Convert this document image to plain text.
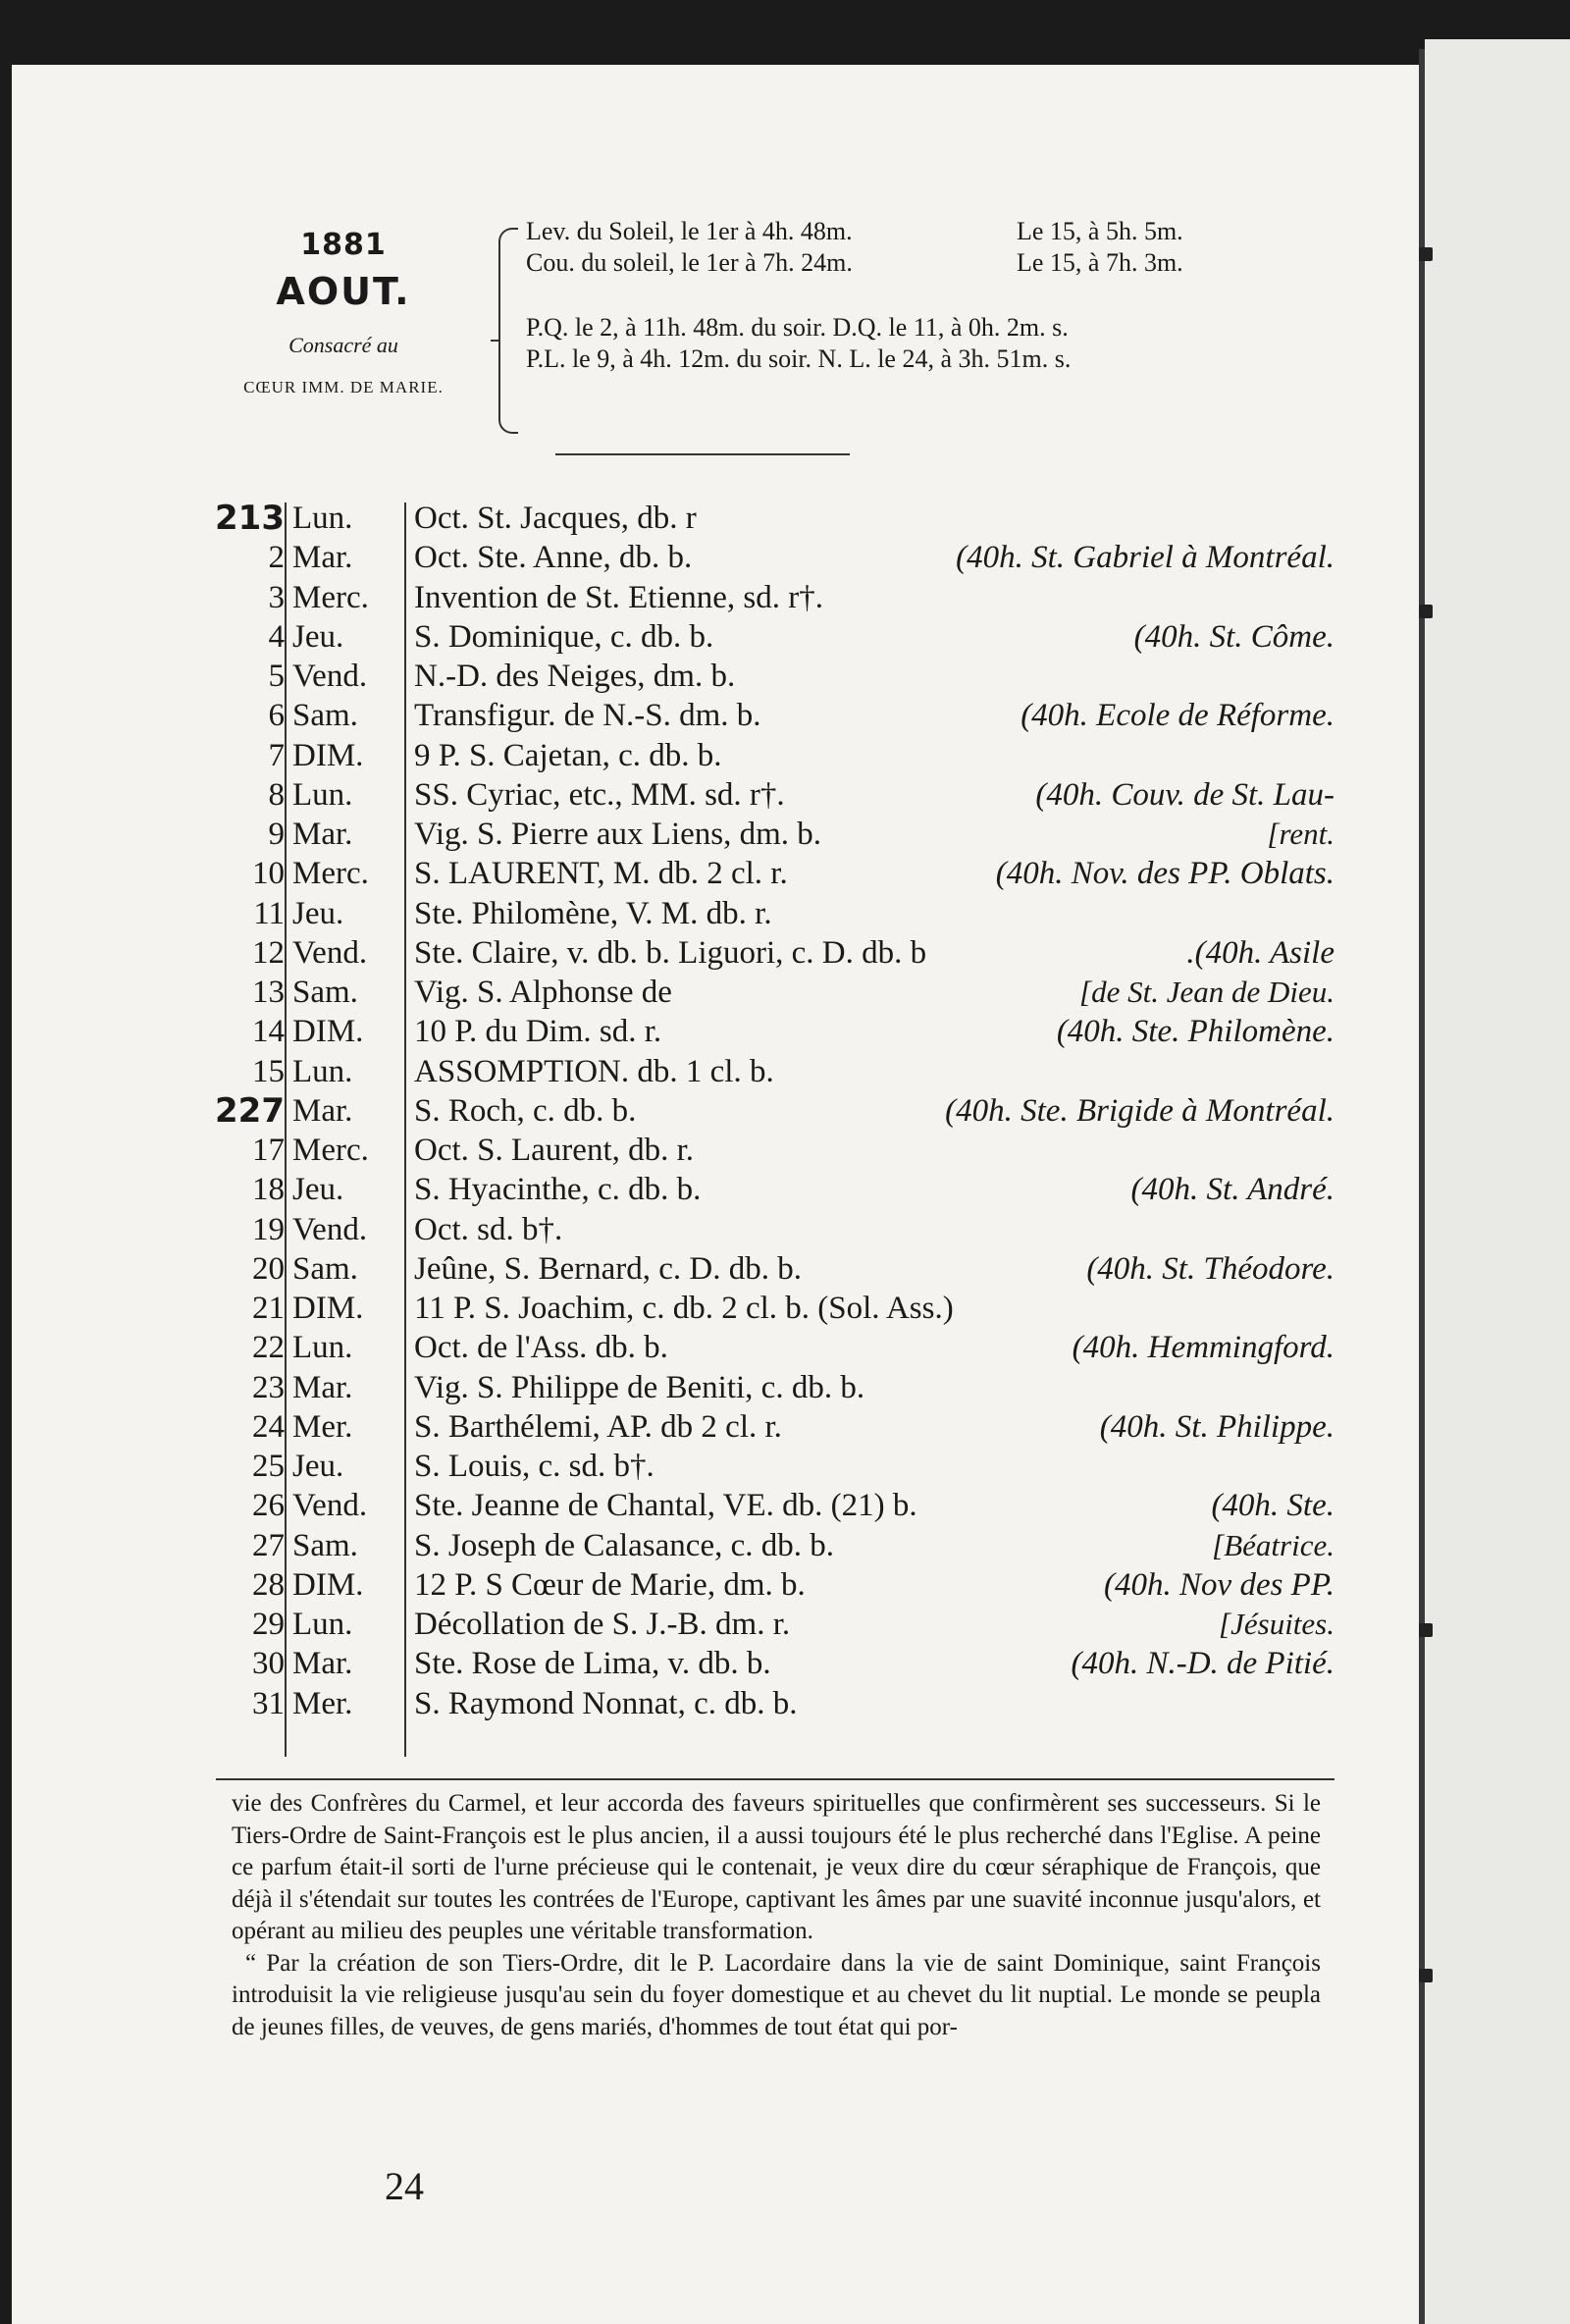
1881
AOUT.
Consacré au
CŒUR IMM. DE MARIE.
Lev. du Soleil, le 1er à 4h. 48m.	Le 15, à 5h. 5m.
Cou. du soleil, le 1er à 7h. 24m.	Le 15, à 7h. 3m.
P.Q. le 2, à 11h. 48m. du soir. D.Q. le 11, à 0h. 2m. s.
P.L. le 9, à 4h. 12m. du soir. N. L. le 24, à 3h. 51m. s.
213 Lun.	Oct. St. Jacques, db. r
2 Mar.	Oct. Ste. Anne, db. b.	(40h. St. Gabriel à Montréal.
3 Merc.	Invention de St. Etienne, sd. r†.
4 Jeu.	S. Dominique, c. db. b.	(40h. St. Côme.
5 Vend.	N.-D. des Neiges, dm. b.
6 Sam.	Transfigur. de N.-S. dm. b.	(40h. Ecole de Réforme.
7 DIM.	9 P. S. Cajetan, c. db. b.
8 Lun.	SS. Cyriac, etc., MM. sd. r†.	(40h. Couv. de St. Lau-
9 Mar.	Vig. S. Pierre aux Liens, dm. b.	[rent.
10 Merc.	S. LAURENT, M. db. 2 cl. r.	(40h. Nov. des PP. Oblats.
11 Jeu.	Ste. Philomène, V. M. db. r.
12 Vend.	Ste. Claire, v. db. b. Liguori, c. D. db. b	.(40h. Asile
13 Sam.	Vig. S. Alphonse de	[de St. Jean de Dieu.
14 DIM.	10 P. du Dim. sd. r.	(40h. Ste. Philomène.
15 Lun.	ASSOMPTION. db. 1 cl. b.
227 Mar.	S. Roch, c. db. b.	(40h. Ste. Brigide à Montréal.
17 Merc.	Oct. S. Laurent, db. r.
18 Jeu.	S. Hyacinthe, c. db. b.	(40h. St. André.
19 Vend.	Oct. sd. b†.
20 Sam.	Jeûne, S. Bernard, c. D. db. b.	(40h. St. Théodore.
21 DIM.	11 P. S. Joachim, c. db. 2 cl. b. (Sol. Ass.)
22 Lun.	Oct. de l'Ass. db. b.	(40h. Hemmingford.
23 Mar.	Vig. S. Philippe de Beniti, c. db. b.
24 Mer.	S. Barthélemi, AP. db 2 cl. r.	(40h. St. Philippe.
25 Jeu.	S. Louis, c. sd. b†.
26 Vend.	Ste. Jeanne de Chantal, VE. db. (21) b.	(40h. Ste.
27 Sam.	S. Joseph de Calasance, c. db. b.	[Béatrice.
28 DIM.	12 P. S Cœur de Marie, dm. b.	(40h. Nov des PP.
29 Lun.	Décollation de S. J.-B. dm. r.	[Jésuites.
30 Mar.	Ste. Rose de Lima, v. db. b.	(40h. N.-D. de Pitié.
31 Mer.	S. Raymond Nonnat, c. db. b.

vie des Confrères du Carmel, et leur accorda des faveurs spirituelles que confirmèrent ses successeurs. Si le Tiers-Ordre de Saint-François est le plus ancien, il a aussi toujours été le plus recherché dans l'Eglise. A peine ce parfum était-il sorti de l'urne précieuse qui le contenait, je veux dire du cœur séraphique de François, que déjà il s'étendait sur toutes les contrées de l'Europe, captivant les âmes par une suavité inconnue jusqu'alors, et opérant au milieu des peuples une véritable transformation.

“ Par la création de son Tiers-Ordre, dit le P. Lacordaire dans la vie de saint Dominique, saint François introduisit la vie religieuse jusqu'au sein du foyer domestique et au chevet du lit nuptial. Le monde se peupla de jeunes filles, de veuves, de gens mariés, d'hommes de tout état qui por-

24
